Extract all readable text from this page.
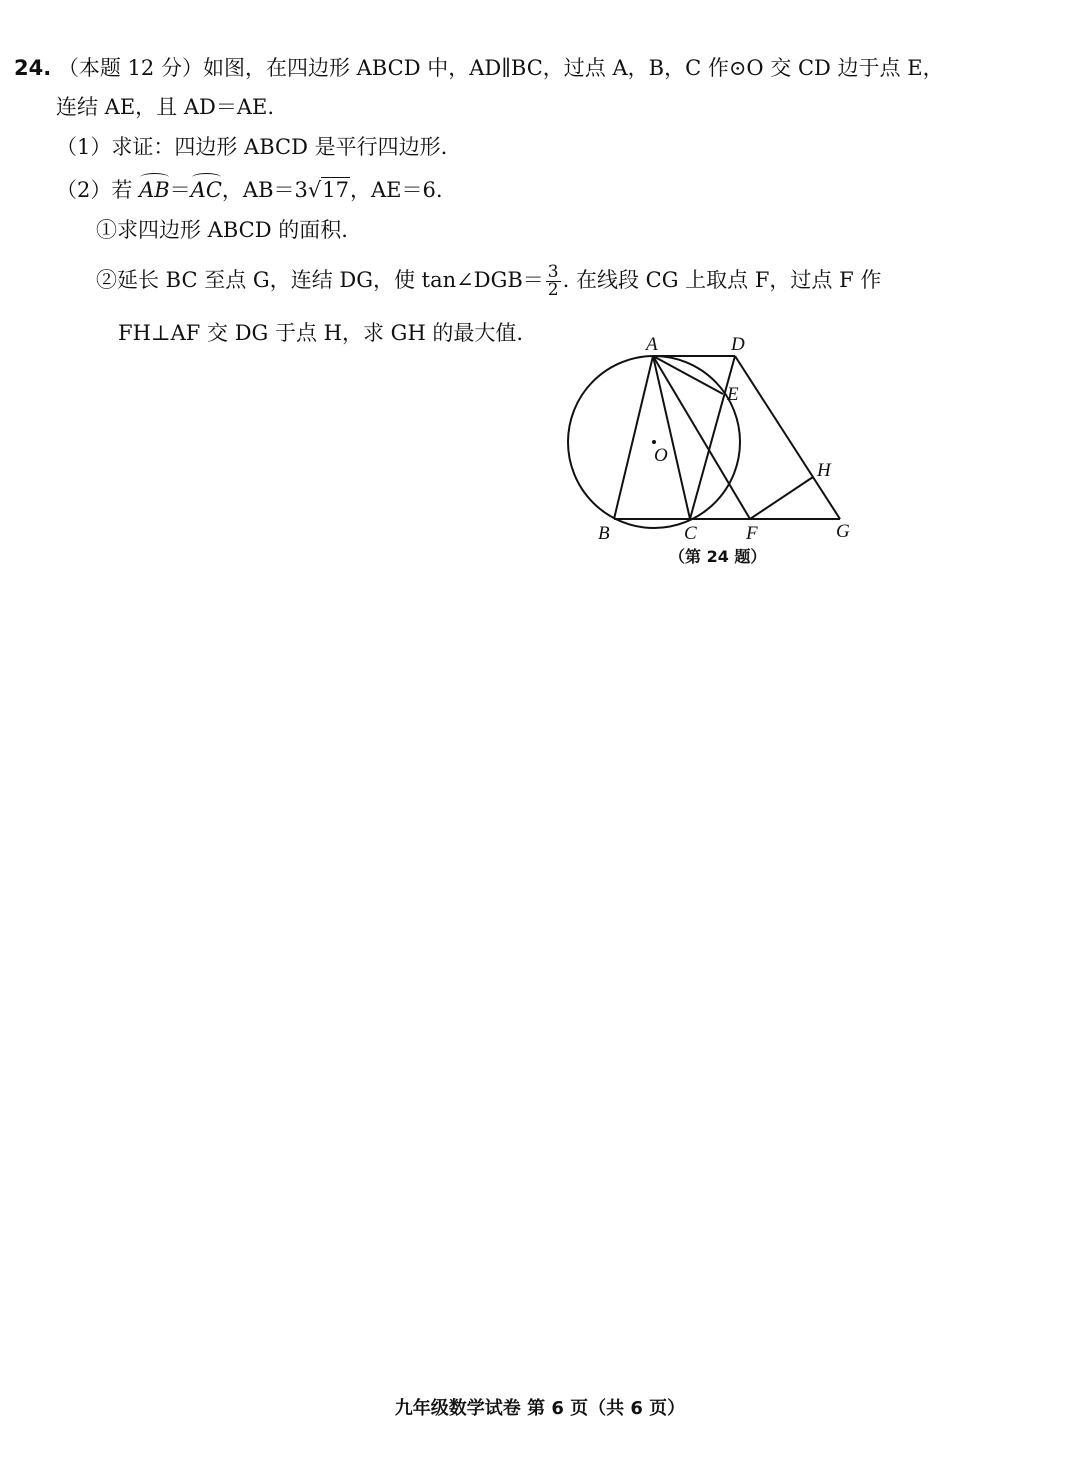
24. （本题 12 分）如图，在四边形 ABCD 中，AD∥BC，过点 A，B，C 作⊙O 交 CD 边于点 E，
连结 AE，且 AD＝AE.
（1）求证：四边形 ABCD 是平行四边形.
（2）若 AB＝AC，AB＝3√17，AE＝6.
①求四边形 ABCD 的面积.
②延长 BC 至点 G，连结 DG，使 tan∠DGB＝ $\frac{3}{2}$ . 在线段 CG 上取点 F，过点 F 作
FH⊥AF 交 DG 于点 H，求 GH 的最大值.	A	D
E
O
H
B	C	F	G
（第 24 题）
九年级数学试卷 第 6 页（共 6 页）
